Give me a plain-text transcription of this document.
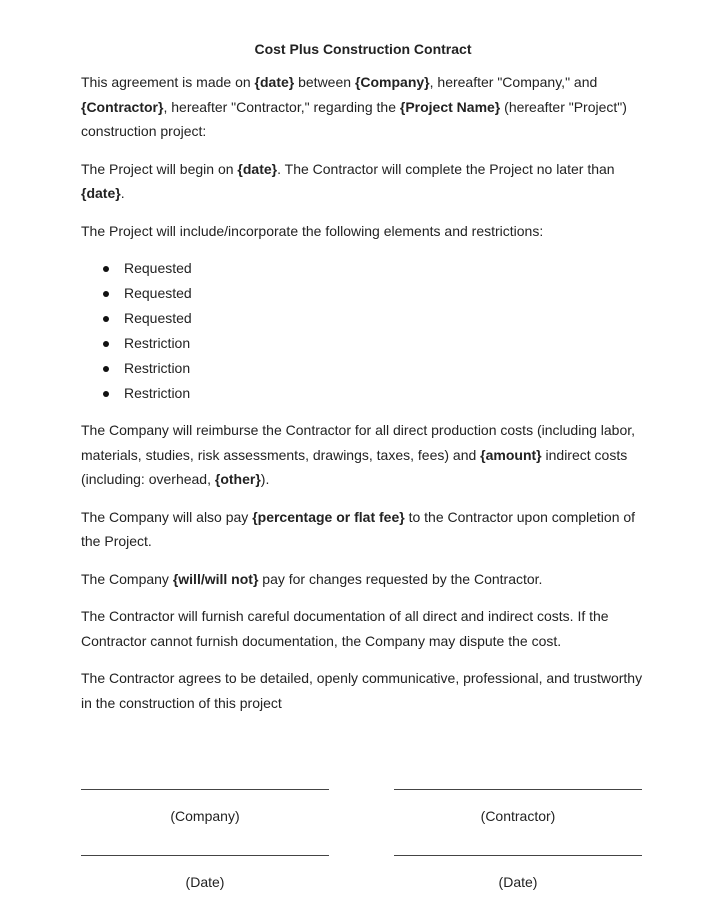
Cost Plus Construction Contract

This agreement is made on {date} between {Company}, hereafter "Company," and {Contractor}, hereafter "Contractor," regarding the {Project Name} (hereafter "Project") construction project:

The Project will begin on {date}. The Contractor will complete the Project no later than {date}.

The Project will include/incorporate the following elements and restrictions:

Requested
Requested
Requested
Restriction
Restriction
Restriction

The Company will reimburse the Contractor for all direct production costs (including labor, materials, studies, risk assessments, drawings, taxes, fees) and {amount} indirect costs (including: overhead, {other}).

The Company will also pay {percentage or flat fee} to the Contractor upon completion of the Project.

The Company {will/will not} pay for changes requested by the Contractor.

The Contractor will furnish careful documentation of all direct and indirect costs. If the Contractor cannot furnish documentation, the Company may dispute the cost.

The Contractor agrees to be detailed, openly communicative, professional, and trustworthy in the construction of this project

(Company)	(Contractor)
(Date)	(Date)
